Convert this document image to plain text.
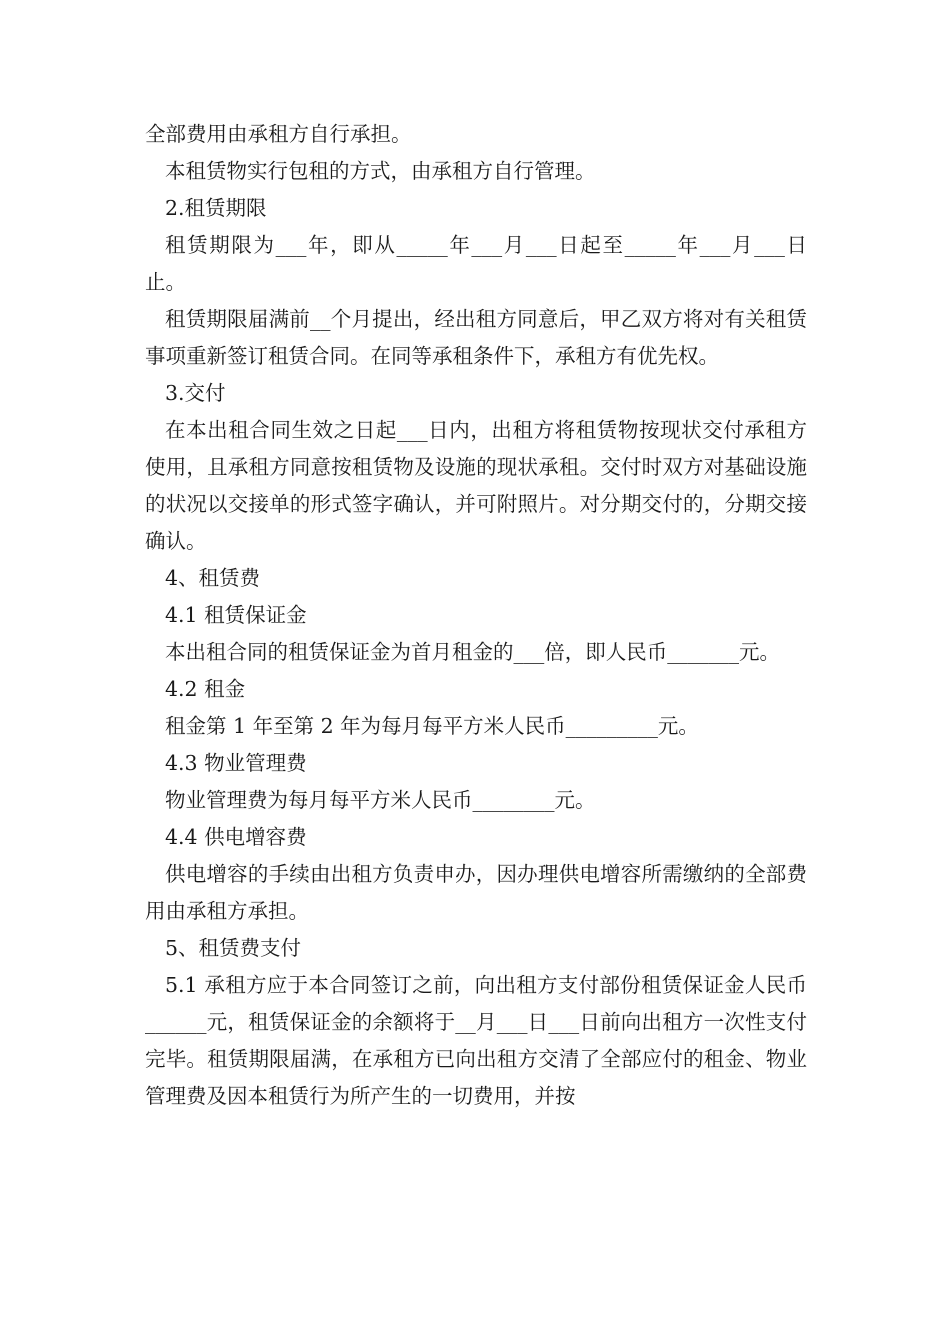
全部费用由承租方自行承担。

本租赁物实行包租的方式，由承租方自行管理。

2.租赁期限

租赁期限为___年，即从_____年___月___日起至_____年___月___日止。

租赁期限届满前__个月提出，经出租方同意后，甲乙双方将对有关租赁事项重新签订租赁合同。在同等承租条件下，承租方有优先权。

3.交付

在本出租合同生效之日起___日内，出租方将租赁物按现状交付承租方使用，且承租方同意按租赁物及设施的现状承租。交付时双方对基础设施的状况以交接单的形式签字确认，并可附照片。对分期交付的，分期交接确认。

4、租赁费

4.1 租赁保证金

本出租合同的租赁保证金为首月租金的___倍，即人民币_______元。

4.2 租金

租金第 1 年至第 2 年为每月每平方米人民币_________元。

4.3 物业管理费

物业管理费为每月每平方米人民币________元。

4.4 供电增容费

供电增容的手续由出租方负责申办，因办理供电增容所需缴纳的全部费用由承租方承担。

5、租赁费支付

5.1 承租方应于本合同签订之前，向出租方支付部份租赁保证金人民币______元，租赁保证金的余额将于__月___日___日前向出租方一次性支付完毕。租赁期限届满，在承租方已向出租方交清了全部应付的租金、物业管理费及因本租赁行为所产生的一切费用，并按
